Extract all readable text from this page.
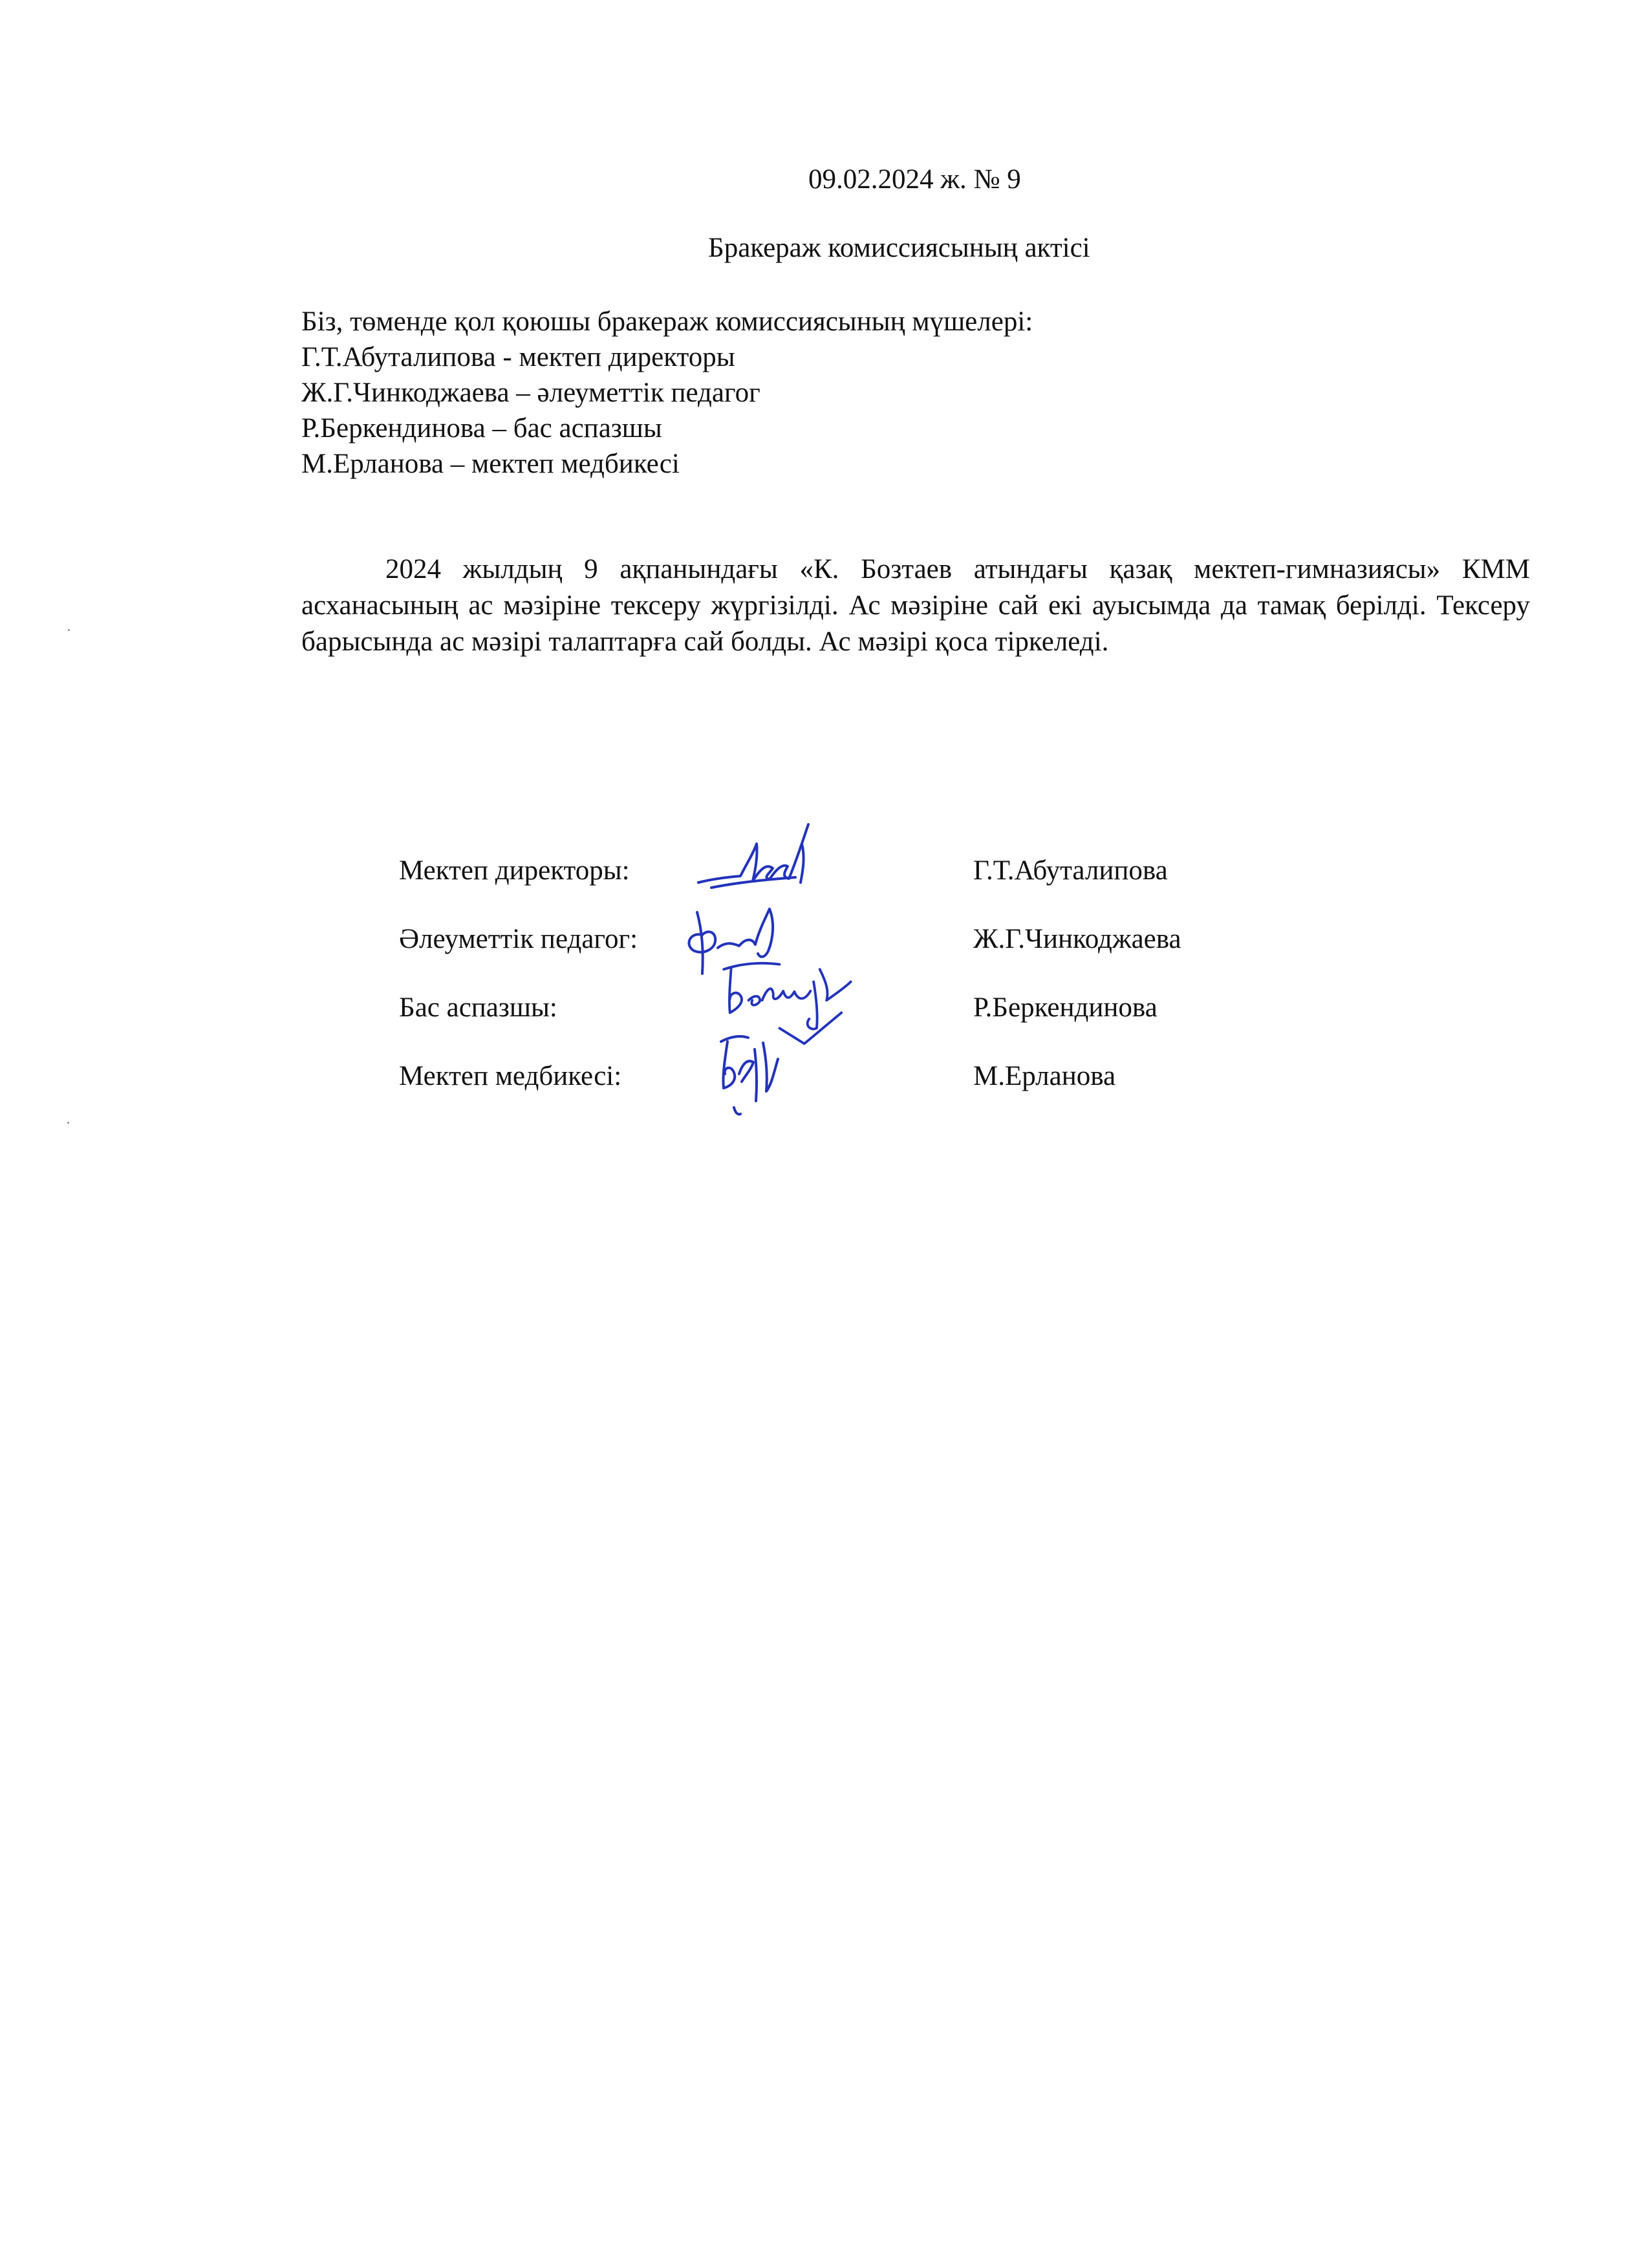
09.02.2024 ж. № 9
Бракераж комиссиясының актісі
Біз, төменде қол қоюшы бракераж комиссиясының мүшелері:
Г.Т.Абуталипова - мектеп директоры
Ж.Г.Чинкоджаева – әлеуметтік педагог
Р.Беркендинова – бас аспазшы
М.Ерланова – мектеп медбикесі

2024 жылдың 9 ақпанындағы «К. Бозтаев атындағы қазақ мектеп-гимназиясы» КММ асханасының ас мәзіріне тексеру жүргізілді. Ас мәзіріне сай екі ауысымда да тамақ берілді. Тексеру барысында ас мәзірі талаптарға сай болды. Ас мәзірі қоса тіркеледі.

Мектеп директоры:	Г.Т.Абуталипова
Әлеуметтік педагог:	Ж.Г.Чинкоджаева
Бас аспазшы:	Р.Беркендинова
Мектеп медбикесі:	М.Ерланова
